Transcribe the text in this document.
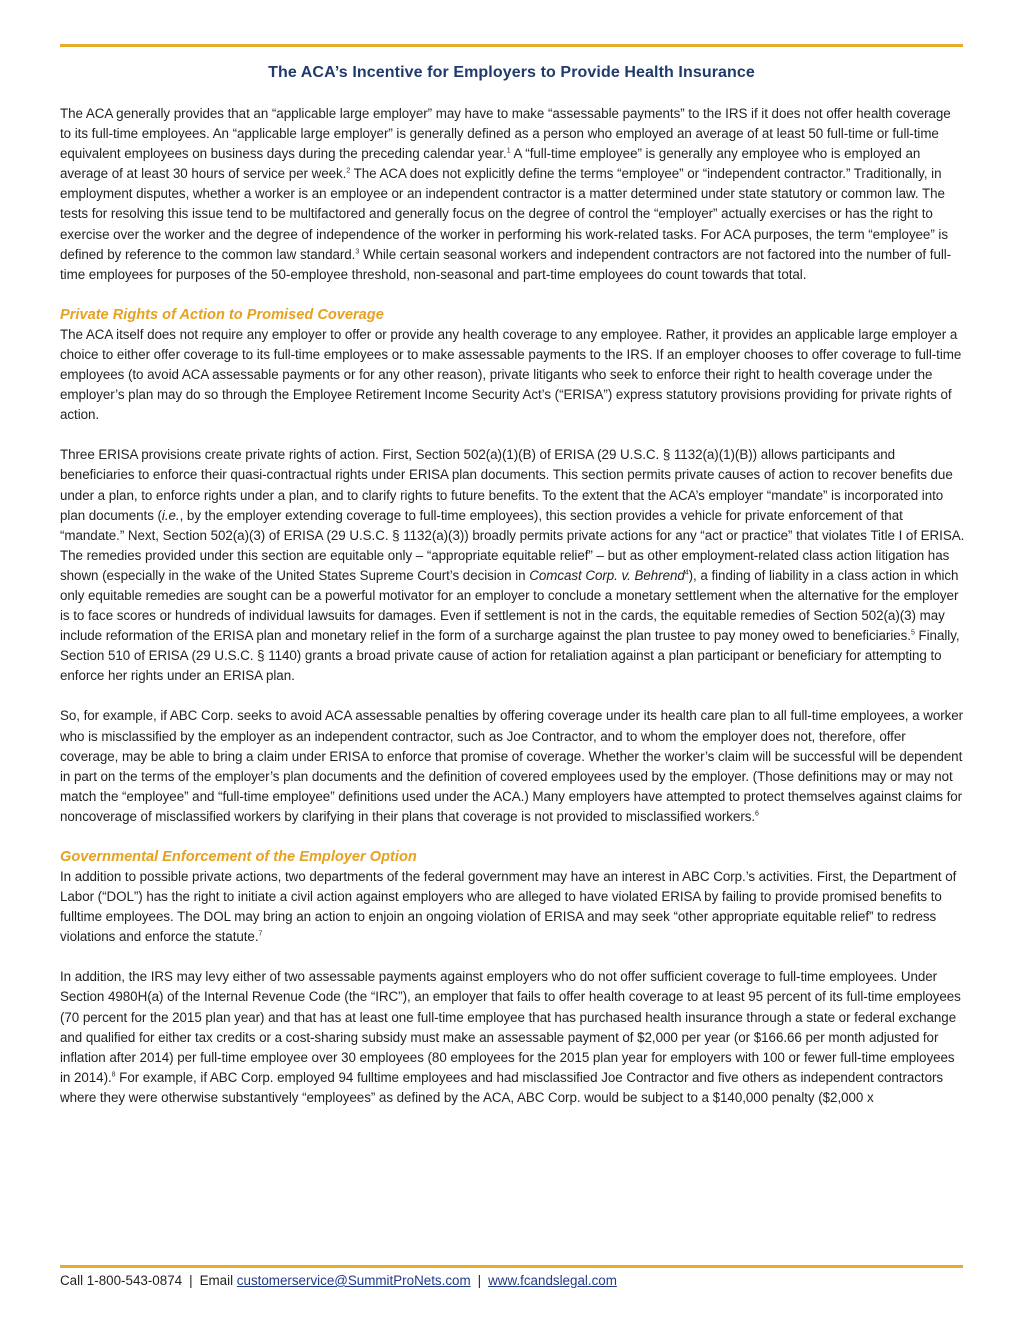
The ACA’s Incentive for Employers to Provide Health Insurance

The ACA generally provides that an “applicable large employer” may have to make “assessable payments” to the IRS if it does not offer health coverage to its full-time employees. An “applicable large employer” is generally defined as a person who employed an average of at least 50 full-time or full-time equivalent employees on business days during the preceding calendar year.$^1$ A “full-time employee” is generally any employee who is employed an average of at least 30 hours of service per week.$^2$ The ACA does not explicitly define the terms “employee” or “independent contractor.” Traditionally, in employment disputes, whether a worker is an employee or an independent contractor is a matter determined under state statutory or common law. The tests for resolving this issue tend to be multifactored and generally focus on the degree of control the “employer” actually exercises or has the right to exercise over the worker and the degree of independence of the worker in performing his work-related tasks. For ACA purposes, the term “employee” is defined by reference to the common law standard.$^3$ While certain seasonal workers and independent contractors are not factored into the number of full-time employees for purposes of the 50-employee threshold, non-seasonal and part-time employees do count towards that total.

Private Rights of Action to Promised Coverage

The ACA itself does not require any employer to offer or provide any health coverage to any employee. Rather, it provides an applicable large employer a choice to either offer coverage to its full-time employees or to make assessable payments to the IRS. If an employer chooses to offer coverage to full-time employees (to avoid ACA assessable payments or for any other reason), private litigants who seek to enforce their right to health coverage under the employer’s plan may do so through the Employee Retirement Income Security Act’s (“ERISA”) express statutory provisions providing for private rights of action.

Three ERISA provisions create private rights of action. First, Section 502(a)(1)(B) of ERISA (29 U.S.C. § 1132(a)(1)(B)) allows participants and beneficiaries to enforce their quasi-contractual rights under ERISA plan documents. This section permits private causes of action to recover benefits due under a plan, to enforce rights under a plan, and to clarify rights to future benefits. To the extent that the ACA’s employer “mandate” is incorporated into plan documents (i.e., by the employer extending coverage to full-time employees), this section provides a vehicle for private enforcement of that “mandate.” Next, Section 502(a)(3) of ERISA (29 U.S.C. § 1132(a)(3)) broadly permits private actions for any “act or practice” that violates Title I of ERISA. The remedies provided under this section are equitable only – “appropriate equitable relief” – but as other employment-related class action litigation has shown (especially in the wake of the United States Supreme Court’s decision in Comcast Corp. v. Behrend$^4$), a finding of liability in a class action in which only equitable remedies are sought can be a powerful motivator for an employer to conclude a monetary settlement when the alternative for the employer is to face scores or hundreds of individual lawsuits for damages. Even if settlement is not in the cards, the equitable remedies of Section 502(a)(3) may include reformation of the ERISA plan and monetary relief in the form of a surcharge against the plan trustee to pay money owed to beneficiaries.$^5$ Finally, Section 510 of ERISA (29 U.S.C. § 1140) grants a broad private cause of action for retaliation against a plan participant or beneficiary for attempting to enforce her rights under an ERISA plan.

So, for example, if ABC Corp. seeks to avoid ACA assessable penalties by offering coverage under its health care plan to all full-time employees, a worker who is misclassified by the employer as an independent contractor, such as Joe Contractor, and to whom the employer does not, therefore, offer coverage, may be able to bring a claim under ERISA to enforce that promise of coverage. Whether the worker’s claim will be successful will be dependent in part on the terms of the employer’s plan documents and the definition of covered employees used by the employer. (Those definitions may or may not match the “employee” and “full-time employee” definitions used under the ACA.) Many employers have attempted to protect themselves against claims for noncoverage of misclassified workers by clarifying in their plans that coverage is not provided to misclassified workers.$^6$

Governmental Enforcement of the Employer Option

In addition to possible private actions, two departments of the federal government may have an interest in ABC Corp.’s activities. First, the Department of Labor (“DOL”) has the right to initiate a civil action against employers who are alleged to have violated ERISA by failing to provide promised benefits to fulltime employees. The DOL may bring an action to enjoin an ongoing violation of ERISA and may seek “other appropriate equitable relief” to redress violations and enforce the statute.$^7$

In addition, the IRS may levy either of two assessable payments against employers who do not offer sufficient coverage to full-time employees. Under Section 4980H(a) of the Internal Revenue Code (the “IRC”), an employer that fails to offer health coverage to at least 95 percent of its full-time employees (70 percent for the 2015 plan year) and that has at least one full-time employee that has purchased health insurance through a state or federal exchange and qualified for either tax credits or a cost-sharing subsidy must make an assessable payment of $2,000 per year (or $166.66 per month adjusted for inflation after 2014) per full-time employee over 30 employees (80 employees for the 2015 plan year for employers with 100 or fewer full-time employees in 2014).$^8$ For example, if ABC Corp. employed 94 fulltime employees and had misclassified Joe Contractor and five others as independent contractors where they were otherwise substantively “employees” as defined by the ACA, ABC Corp. would be subject to a $140,000 penalty ($2,000 x

Call 1-800-543-0874 | Email customerservice@SummitProNets.com | www.fcandslegal.com
